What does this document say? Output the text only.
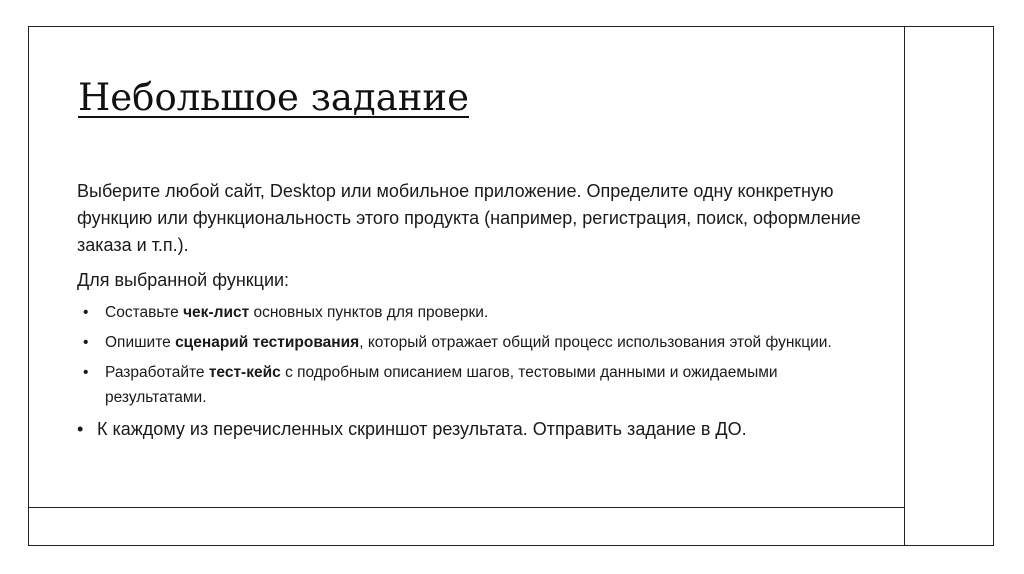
Небольшое задание

Выберите любой сайт, Desktop или мобильное приложение. Определите одну конкретную функцию или функциональность этого продукта (например, регистрация, поиск, оформление заказа и т.п.).

Для выбранной функции:

• Составьте чек-лист основных пунктов для проверки.
• Опишите сценарий тестирования, который отражает общий процесс использования этой функции.
• Разработайте тест-кейс с подробным описанием шагов, тестовыми данными и ожидаемыми результатами.

• К каждому из перечисленных скриншот результата. Отправить задание в ДО.
